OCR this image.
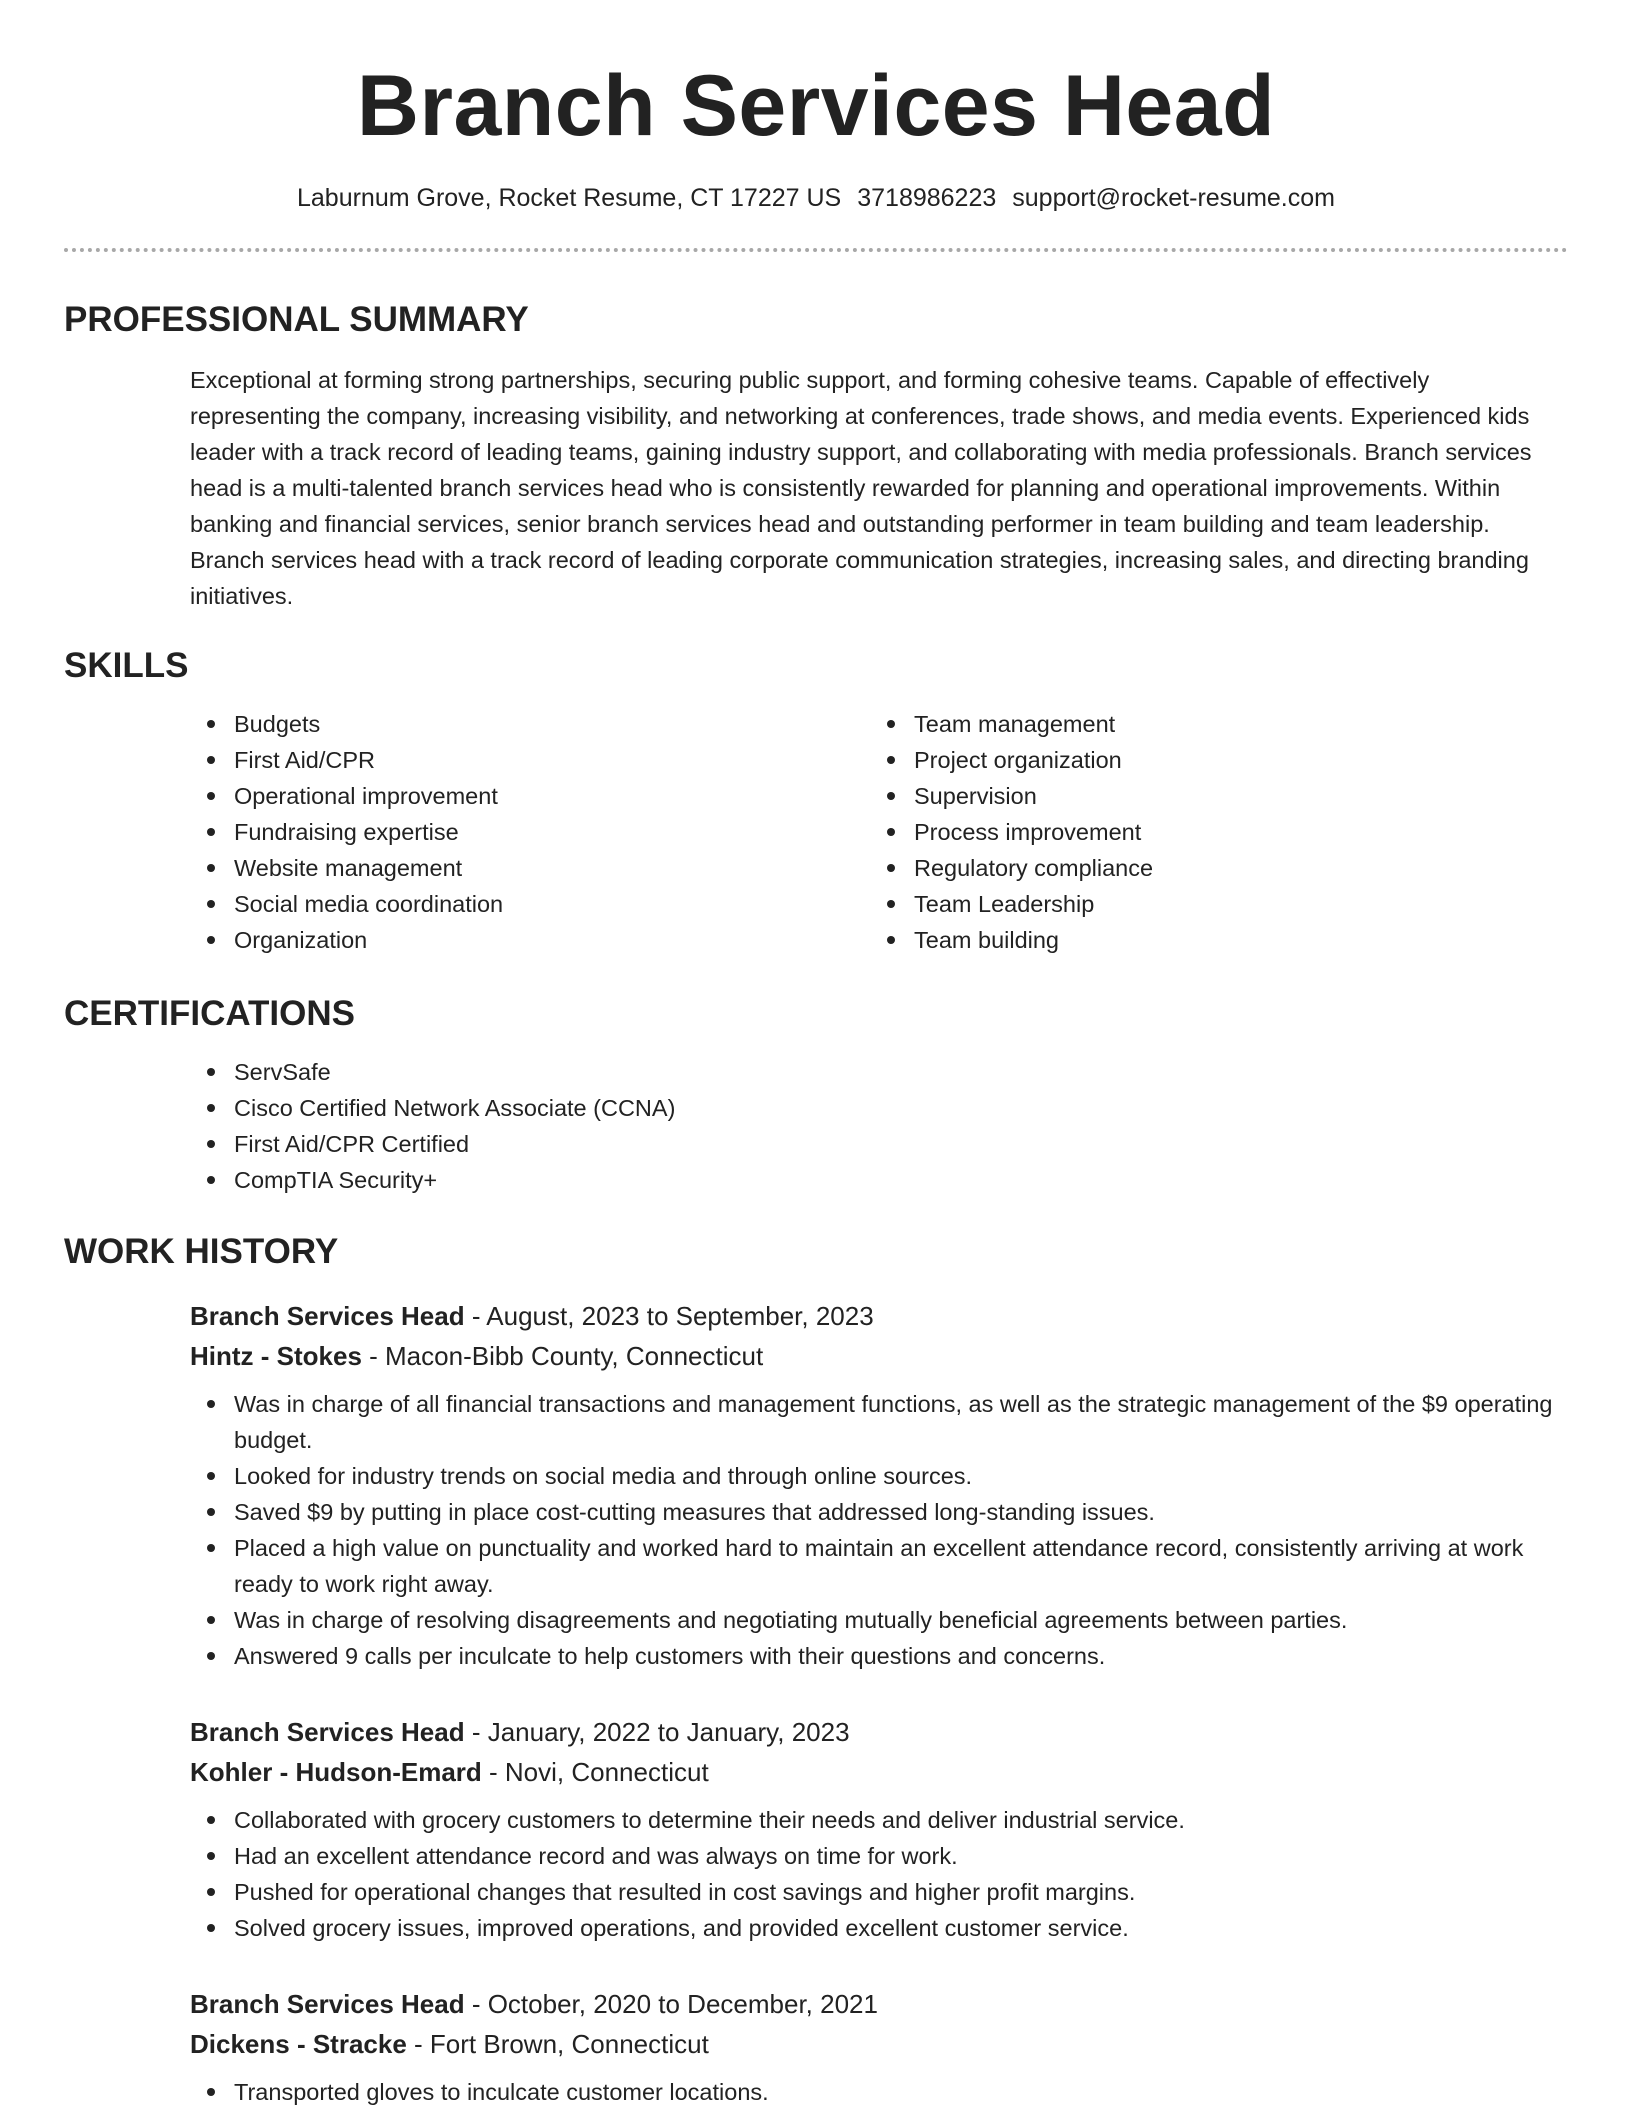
Branch Services Head
Laburnum Grove, Rocket Resume, CT 17227 US 3718986223 support@rocket-resume.com
PROFESSIONAL SUMMARY

Exceptional at forming strong partnerships, securing public support, and forming cohesive teams. Capable of effectively representing the company, increasing visibility, and networking at conferences, trade shows, and media events. Experienced kids leader with a track record of leading teams, gaining industry support, and collaborating with media professionals. Branch services head is a multi-talented branch services head who is consistently rewarded for planning and operational improvements. Within banking and financial services, senior branch services head and outstanding performer in team building and team leadership. Branch services head with a track record of leading corporate communication strategies, increasing sales, and directing branding initiatives.

SKILLS
Budgets
First Aid/CPR
Operational improvement
Fundraising expertise
Website management
Social media coordination
Organization
Team management
Project organization
Supervision
Process improvement
Regulatory compliance
Team Leadership
Team building
CERTIFICATIONS
ServSafe
Cisco Certified Network Associate (CCNA)
First Aid/CPR Certified
CompTIA Security+
WORK HISTORY
Branch Services Head - August, 2023 to September, 2023
Hintz - Stokes - Macon-Bibb County, Connecticut
Was in charge of all financial transactions and management functions, as well as the strategic management of the $9 operating budget.
Looked for industry trends on social media and through online sources.
Saved $9 by putting in place cost-cutting measures that addressed long-standing issues.
Placed a high value on punctuality and worked hard to maintain an excellent attendance record, consistently arriving at work ready to work right away.
Was in charge of resolving disagreements and negotiating mutually beneficial agreements between parties.
Answered 9 calls per inculcate to help customers with their questions and concerns.
Branch Services Head - January, 2022 to January, 2023
Kohler - Hudson-Emard - Novi, Connecticut
Collaborated with grocery customers to determine their needs and deliver industrial service.
Had an excellent attendance record and was always on time for work.
Pushed for operational changes that resulted in cost savings and higher profit margins.
Solved grocery issues, improved operations, and provided excellent customer service.
Branch Services Head - October, 2020 to December, 2021
Dickens - Stracke - Fort Brown, Connecticut
Transported gloves to inculcate customer locations.
